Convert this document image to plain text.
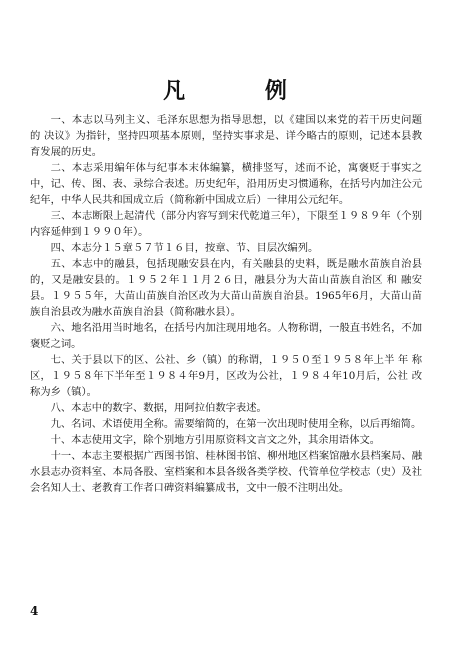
凡 例

一、本志以马列主义、毛泽东思想为指导思想，以《建国以来党的若干历史问题 的 决议》为指针，坚持四项基本原则，坚持实事求是、详今略古的原则，记述本县教育发展的历史。

二、本志采用编年体与纪事本末体编纂，横排竖写，述而不论，寓褒贬于事实之中，记、传、图、表、录综合表述。历史纪年，沿用历史习惯通称，在括号内加注公元纪年，中华人民共和国成立后（简称新中国成立后）一律用公元纪年。

三、本志断限上起清代（部分内容写到宋代乾道三年），下限至１９８９年（个别内容延伸到１９９０年）。

四、本志分１５章５７节１６目，按章、节、目层次编列。

五、本志中的融县，包括现融安县在内，有关融县的史料，既是融水苗族自治县的，又是融安县的。１９５２年１１月２６日，融县分为大苗山苗族自治区 和 融安县。１９５５年，大苗山苗族自治区改为大苗山苗族自治县。1965年6月，大苗山苗族自治县改为融水苗族自治县（简称融水县）。

六、地名沿用当时地名，在括号内加注现用地名。人物称谓，一般直书姓名，不加褒贬之词。

七、关于县以下的区、公社、乡（镇）的称谓，１９５０至１９５８年上半 年 称区，１９５８年下半年至１９８４年9月，区改为公社，１９８４年10月后，公社 改 称为乡（镇）。

八、本志中的数字、数据，用阿拉伯数字表述。

九、名词、术语使用全称。需要缩简的，在第一次出现时使用全称，以后再缩简。

十、本志使用文字，除个别地方引用原资料文言文之外，其余用语体文。

十一、本志主要根据广西图书馆、桂林图书馆、柳州地区档案馆融水县档案局、融水县志办资料室、本局各股、室档案和本县各级各类学校、代管单位学校志（史）及社会名知人士、老教育工作者口碑资料编纂成书，文中一般不注明出处。

4
